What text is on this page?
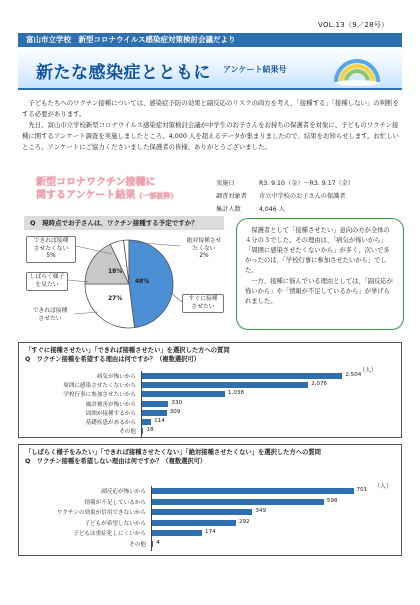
VOL.13（9／28号）
富山市立学校　新型コロナウイルス感染症対策検討会議だより
新たな感染症とともに アンケート結果号

子どもたちへのワクチン接種については、感染症予防の効果と副反応のリスクの両方を考え、「接種する」「接種しない」の判断をする必要があります。

先日、富山市立学校新型コロナウイルス感染症対策検討会議が中学生のお子さんをお持ちの保護者を対象に、子どものワクチン接種に関するアンケート調査を実施しましたところ、4,000 人を超えるデータが集まりましたので、結果をお知らせします。お忙しいところ、アンケートにご協力くださいました保護者の皆様、ありがとうございました。

新型コロナワクチン接種に
関するアンケート結果（一部抜粋）
実施日	R3. 9.10（金）～R3. 9.17（金）
調査対象者	市立中学校のお子さんの保護者
集計人数	4,046 人
Q　現時点でお子さんは、ワクチン接種する予定ですか？
できれば接種
させたくない
5%
しばらく様子
を見たい
できれば接種
させたい
絶対接種させ
たくない
2%
すぐに接種
させたい
48%
27%
18%

保護者として「接種させたい」意向の方が全体の４分の３でした。その理由は、「病気が怖いから」「周囲に感染させたくないから」が多く、次いで多かったのは、「学校行事に参加させたいから」でした。

一方、接種に悩んでいる理由としては、「副反応が怖いから」や「情報が不足しているから」が挙げられました。

「すぐに接種させたい」「できれば接種させたい」を選択した方への質問
Q　ワクチン接種を希望する理由は何ですか？（複数選択可）
（人）
病気が怖いから	2,504
周囲に感染させたくないから	2,076
学校行事に参加させたいから	1,038
風評被害が怖いから	330
周囲が接種するから	309
基礎疾患があるから	114
その他 18
「しばらく様子をみたい」「できれば接種させたくない」「絶対接種させたくない」を選択した方への質問
Q　ワクチン接種を希望しない理由は何ですか？（複数選択可）
（人）
副反応が怖いから	701
情報が不足しているから	598
ワクチンの効果が信用できないから	349
子どもが希望しないから	292
子どもは重症化しにくいから	174
その他 4
